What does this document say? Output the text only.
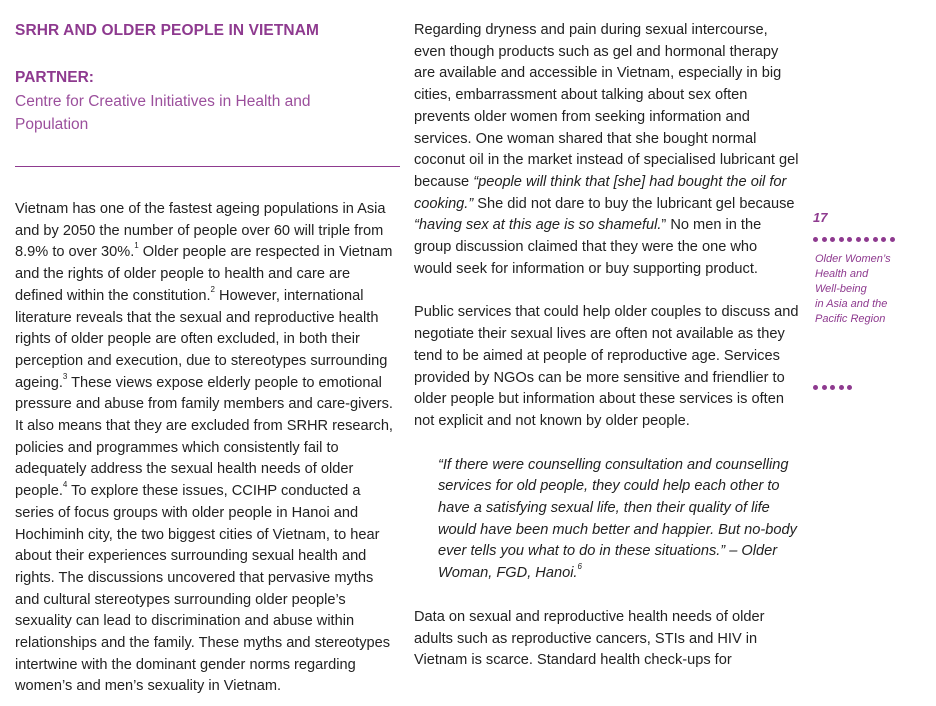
SRHR AND OLDER PEOPLE IN VIETNAM

PARTNER:

Centre for Creative Initiatives in Health and Population

Vietnam has one of the fastest ageing populations in Asia and by 2050 the number of people over 60 will triple from 8.9% to over 30%.$^1$ Older people are respected in Vietnam and the rights of older people to health and care are defined within the constitution.$^2$ However, international literature reveals that the sexual and reproductive health rights of older people are often excluded, in both their perception and execution, due to stereotypes surrounding ageing.$^3$ These views expose elderly people to emotional pressure and abuse from family members and care-givers. It also means that they are excluded from SRHR research, policies and programmes which consistently fail to adequately address the sexual health needs of older people.$^4$ To explore these issues, CCIHP conducted a series of focus groups with older people in Hanoi and Hochiminh city, the two biggest cities of Vietnam, to hear about their experiences surrounding sexual health and rights. The discussions uncovered that pervasive myths and cultural stereotypes surrounding older people’s sexuality can lead to discrimination and abuse within relationships and the family. These myths and stereotypes intertwine with the dominant gender norms regarding women’s and men’s sexuality in Vietnam.

Regarding dryness and pain during sexual intercourse, even though products such as gel and hormonal therapy are available and accessible in Vietnam, especially in big cities, embarrassment about talking about sex often prevents older women from seeking information and services. One woman shared that she bought normal coconut oil in the market instead of specialised lubricant gel because “people will think that [she] had bought the oil for cooking.” She did not dare to buy the lubricant gel because “having sex at this age is so shameful.” No men in the group discussion claimed that they were the one who would seek for information or buy supporting product.

Public services that could help older couples to discuss and negotiate their sexual lives are often not available as they tend to be aimed at people of reproductive age. Services provided by NGOs can be more sensitive and friendlier to older people but information about these services is often not explicit and not known by older people.

“If there were counselling consultation and counselling services for old people, they could help each other to have a satisfying sexual life, then their quality of life would have been much better and happier. But no-body ever tells you what to do in these situations.” – Older Woman, FGD, Hanoi.$^6$

Data on sexual and reproductive health needs of older adults such as reproductive cancers, STIs and HIV in Vietnam is scarce. Standard health check-ups for

17

Older Women’s
Health and
Well-being
in Asia and the
Pacific Region
